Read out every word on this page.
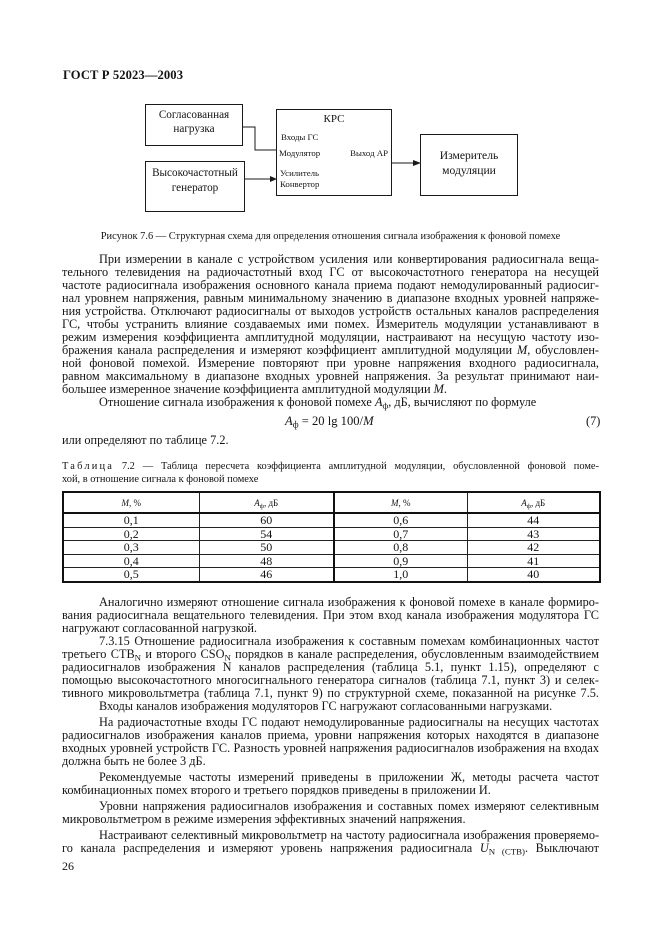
ГОСТ Р 52023—2003
Согласованная
нагрузка
Высокочастотный
генератор
КРС
Входы ГС
Модулятор	Выход АР
Усилитель
Конвертор
Измеритель
модуляции
Рисунок 7.6 — Структурная схема для определения отношения сигнала изображения к фоновой помехе
При измерении в канале с устройством усиления или конвертирования радиосигнала веща-
тельного телевидения на радиочастотный вход ГС от высокочастотного генератора на несущей
частоте радиосигнала изображения основного канала приема подают немодулированный радиосиг-
нал уровнем напряжения, равным минимальному значению в диапазоне входных уровней напряже-
ния устройства. Отключают радиосигналы от выходов устройств остальных каналов распределения
ГС, чтобы устранить влияние создаваемых ими помех. Измеритель модуляции устанавливают в
режим измерения коэффициента амплитудной модуляции, настраивают на несущую частоту изо-
бражения канала распределения и измеряют коэффициент амплитудной модуляции M, обусловлен-
ной фоновой помехой. Измерение повторяют при уровне напряжения входного радиосигнала,
равном максимальному в диапазоне входных уровней напряжения. За результат принимают наи-
большее измеренное значение коэффициента амплитудной модуляции M.
Отношение сигнала изображения к фоновой помехе $A_ф$, дБ, вычисляют по формуле
$A_ф = 20$ lg 100/M	(7)
или определяют по таблице 7.2.
Таблица 7.2 — Таблица пересчета коэффициента амплитудной модуляции, обусловленной фоновой поме-
хой, в отношение сигнала к фоновой помехе
M, %	$A_ф$, дБ	M, %	$A_ф$, дБ
0,1	60	0,6	44
0,2	54	0,7	43
0,3	50	0,8	42
0,4	48	0,9	41
0,5	46	1,0	40
Аналогично измеряют отношение сигнала изображения к фоновой помехе в канале формиро-
вания радиосигнала вещательного телевидения. При этом вход канала изображения модулятора ГС
нагружают согласованной нагрузкой.
7.3.15 Отношение радиосигнала изображения к составным помехам комбинационных частот
третьего $СТВ_N$ и второго $CSO_N$ порядков в канале распределения, обусловленным взаимодействием
радиосигналов изображения N каналов распределения (таблица 5.1, пункт 1.15), определяют с
помощью высокочастотного многосигнального генератора сигналов (таблица 7.1, пункт 3) и селек-
тивного микровольтметра (таблица 7.1, пункт 9) по структурной схеме, показанной на рисунке 7.5.
Входы каналов изображения модуляторов ГС нагружают согласованными нагрузками.
На радиочастотные входы ГС подают немодулированные радиосигналы на несущих частотах
радиосигналов изображения каналов приема, уровни напряжения которых находятся в диапазоне
входных уровней устройств ГС. Разность уровней напряжения радиосигналов изображения на входах
должна быть не более 3 дБ.
Рекомендуемые частоты измерений приведены в приложении Ж, методы расчета частот
комбинационных помех второго и третьего порядков приведены в приложении И.
Уровни напряжения радиосигналов изображения и составных помех измеряют селективным
микровольтметром в режиме измерения эффективных значений напряжения.
Настраивают селективный микровольтметр на частоту радиосигнала изображения проверяемо-
го канала распределения и измеряют уровень напряжения радиосигнала $U_{N (СТВ)}$. Выключают
26
